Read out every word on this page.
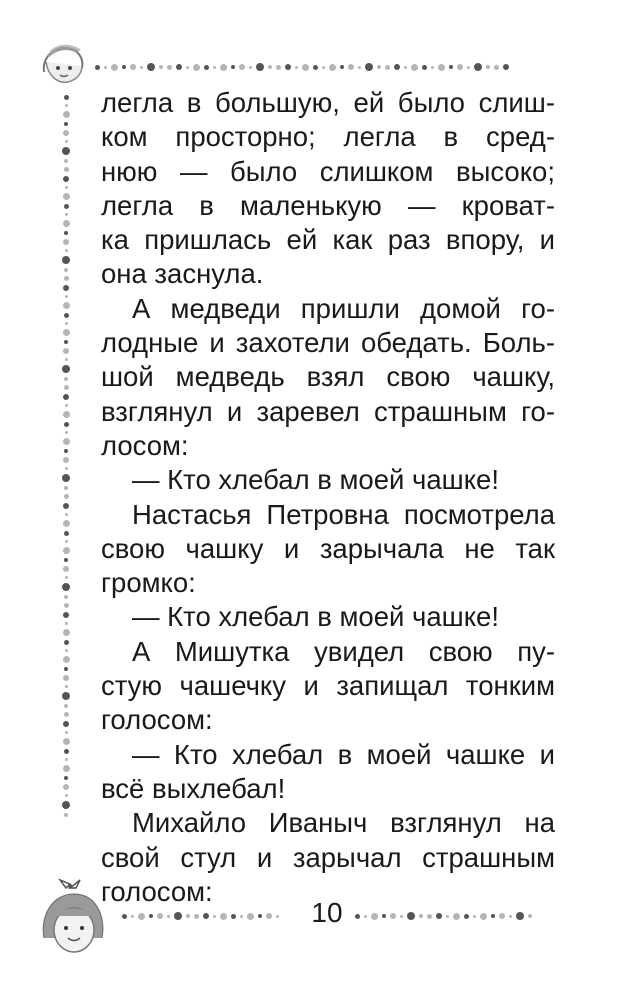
легла в большую, ей было слиш-
ком просторно; легла в сред-
нюю — было слишком высоко;
легла в маленькую — кроват-
ка пришлась ей как раз впору, и
она заснула.
А медведи пришли домой го-
лодные и захотели обедать. Боль-
шой медведь взял свою чашку,
взглянул и заревел страшным го-
лосом:
— Кто хлебал в моей чашке!
Настасья Петровна посмотрела
свою чашку и зарычала не так
громко:
— Кто хлебал в моей чашке!
А Мишутка увидел свою пу-
стую чашечку и запищал тонким
голосом:
— Кто хлебал в моей чашке и
всё выхлебал!
Михайло Иваныч взглянул на
свой стул и зарычал страшным
голосом:
10
